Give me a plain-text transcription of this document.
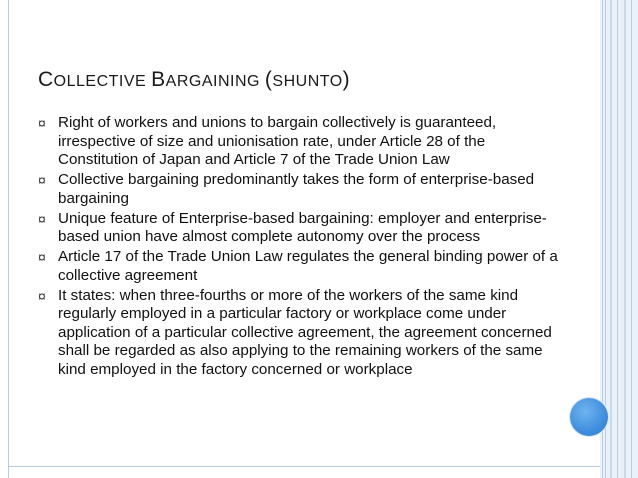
COLLECTIVE BARGAINING (SHUNTO)
¤ Right of workers and unions to bargain collectively is guaranteed, irrespective of size and unionisation rate, under Article 28 of the Constitution of Japan and Article 7 of the Trade Union Law
¤ Collective bargaining predominantly takes the form of enterprise-based bargaining
¤ Unique feature of Enterprise-based bargaining: employer and enterprise-based union have almost complete autonomy over the process
¤ Article 17 of the Trade Union Law regulates the general binding power of a collective agreement
¤ It states: when three-fourths or more of the workers of the same kind regularly employed in a particular factory or workplace come under application of a particular collective agreement, the agreement concerned shall be regarded as also applying to the remaining workers of the same kind employed in the factory concerned or workplace
